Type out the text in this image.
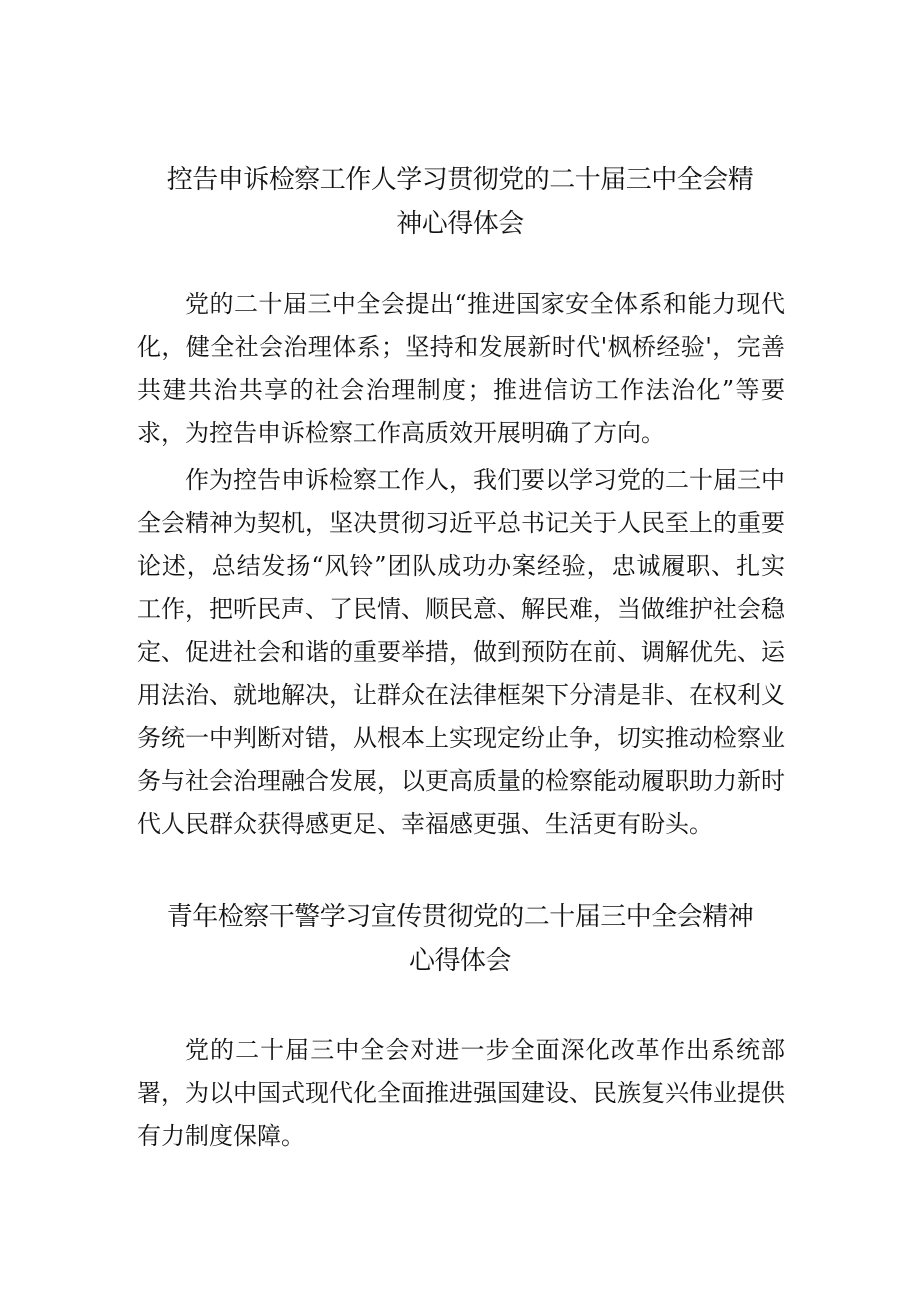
控告申诉检察工作人学习贯彻党的二十届三中全会精
神心得体会

党的二十届三中全会提出“推进国家安全体系和能力现代化，健全社会治理体系；坚持和发展新时代'枫桥经验'，完善共建共治共享的社会治理制度；推进信访工作法治化”等要求，为控告申诉检察工作高质效开展明确了方向。

作为控告申诉检察工作人，我们要以学习党的二十届三中全会精神为契机，坚决贯彻习近平总书记关于人民至上的重要论述，总结发扬“风铃”团队成功办案经验，忠诚履职、扎实工作，把听民声、了民情、顺民意、解民难，当做维护社会稳定、促进社会和谐的重要举措，做到预防在前、调解优先、运用法治、就地解决，让群众在法律框架下分清是非、在权利义务统一中判断对错，从根本上实现定纷止争，切实推动检察业务与社会治理融合发展，以更高质量的检察能动履职助力新时代人民群众获得感更足、幸福感更强、生活更有盼头。

青年检察干警学习宣传贯彻党的二十届三中全会精神
心得体会

党的二十届三中全会对进一步全面深化改革作出系统部署，为以中国式现代化全面推进强国建设、民族复兴伟业提供有力制度保障。
